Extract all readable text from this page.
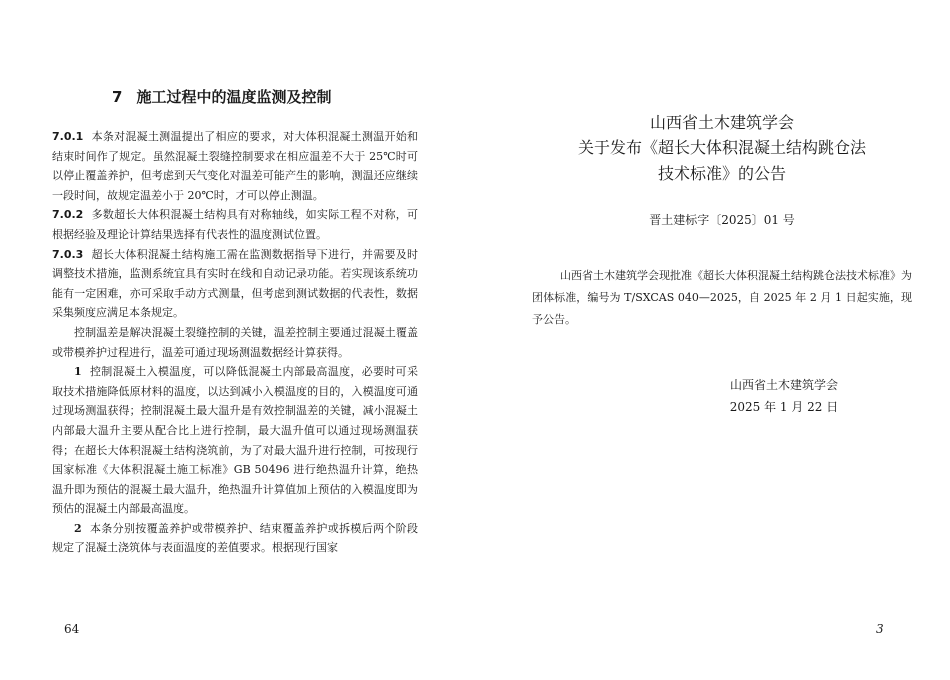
7 施工过程中的温度监测及控制

7.0.1 本条对混凝土测温提出了相应的要求，对大体积混凝土测温开始和结束时间作了规定。虽然混凝土裂缝控制要求在相应温差不大于 25℃时可以停止覆盖养护，但考虑到天气变化对温差可能产生的影响，测温还应继续一段时间，故规定温差小于 20℃时，才可以停止测温。

7.0.2 多数超长大体积混凝土结构具有对称轴线，如实际工程不对称，可根据经验及理论计算结果选择有代表性的温度测试位置。

7.0.3 超长大体积混凝土结构施工需在监测数据指导下进行，并需要及时调整技术措施，监测系统宜具有实时在线和自动记录功能。若实现该系统功能有一定困难，亦可采取手动方式测量，但考虑到测试数据的代表性，数据采集频度应满足本条规定。

控制温差是解决混凝土裂缝控制的关键，温差控制主要通过混凝土覆盖或带模养护过程进行，温差可通过现场测温数据经计算获得。

1 控制混凝土入模温度，可以降低混凝土内部最高温度，必要时可采取技术措施降低原材料的温度，以达到减小入模温度的目的，入模温度可通过现场测温获得；控制混凝土最大温升是有效控制温差的关键，减小混凝土内部最大温升主要从配合比上进行控制，最大温升值可以通过现场测温获得；在超长大体积混凝土结构浇筑前，为了对最大温升进行控制，可按现行国家标准《大体积混凝土施工标准》GB 50496 进行绝热温升计算，绝热温升即为预估的混凝土最大温升，绝热温升计算值加上预估的入模温度即为预估的混凝土内部最高温度。

2 本条分别按覆盖养护或带模养护、结束覆盖养护或拆模后两个阶段规定了混凝土浇筑体与表面温度的差值要求。根据现行国家

64
山西省土木建筑学会
关于发布《超长大体积混凝土结构跳仓法
技术标准》的公告
晋土建标字〔2025〕01 号

山西省土木建筑学会现批准《超长大体积混凝土结构跳仓法技术标准》为团体标准，编号为 T/SXCAS 040—2025，自 2025 年 2 月 1 日起实施，现予公告。

山西省土木建筑学会
2025 年 1 月 22 日
3
